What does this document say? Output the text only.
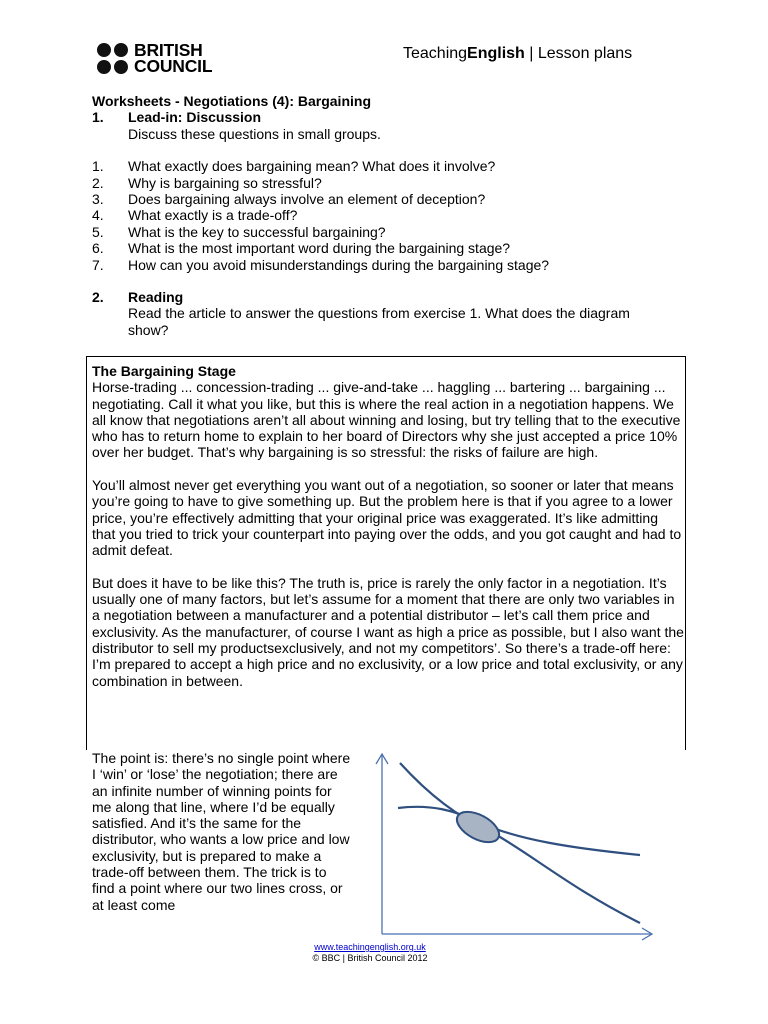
BRITISH
COUNCIL
TeachingEnglish | Lesson plans
Worksheets - Negotiations (4): Bargaining
1.	Lead-in: Discussion
Discuss these questions in small groups.
1.	What exactly does bargaining mean? What does it involve?
2.	Why is bargaining so stressful?
3.	Does bargaining always involve an element of deception?
4.	What exactly is a trade-off?
5.	What is the key to successful bargaining?
6.	What is the most important word during the bargaining stage?
7.	How can you avoid misunderstandings during the bargaining stage?
2.	Reading
Read the article to answer the questions from exercise 1. What does the diagram show?
The Bargaining Stage

Horse-trading ... concession-trading ... give-and-take ... haggling ... bartering ... bargaining ... negotiating. Call it what you like, but this is where the real action in a negotiation happens. We all know that negotiations aren’t all about winning and losing, but try telling that to the executive who has to return home to explain to her board of Directors why she just accepted a price 10% over her budget. That’s why bargaining is so stressful: the risks of failure are high.

You’ll almost never get everything you want out of a negotiation, so sooner or later that means you’re going to have to give something up. But the problem here is that if you agree to a lower price, you’re effectively admitting that your original price was exaggerated. It’s like admitting that you tried to trick your counterpart into paying over the odds, and you got caught and had to admit defeat.

But does it have to be like this? The truth is, price is rarely the only factor in a negotiation. It’s usually one of many factors, but let’s assume for a moment that there are only two variables in a negotiation between a manufacturer and a potential distributor – let’s call them price and exclusivity. As the manufacturer, of course I want as high a price as possible, but I also want the distributor to sell my productsexclusively, and not my competitors’. So there’s a trade-off here: I’m prepared to accept a high price and no exclusivity, or a low price and total exclusivity, or any combination in between.

The point is: there’s no single point where I ‘win’ or ‘lose’ the negotiation; there are an infinite number of winning points for me along that line, where I’d be equally satisfied. And it’s the same for the distributor, who wants a low price and low exclusivity, but is prepared to make a trade-off between them. The trick is to find a point where our two lines cross, or at least come
www.teachingenglish.org.uk
© BBC | British Council 2012
